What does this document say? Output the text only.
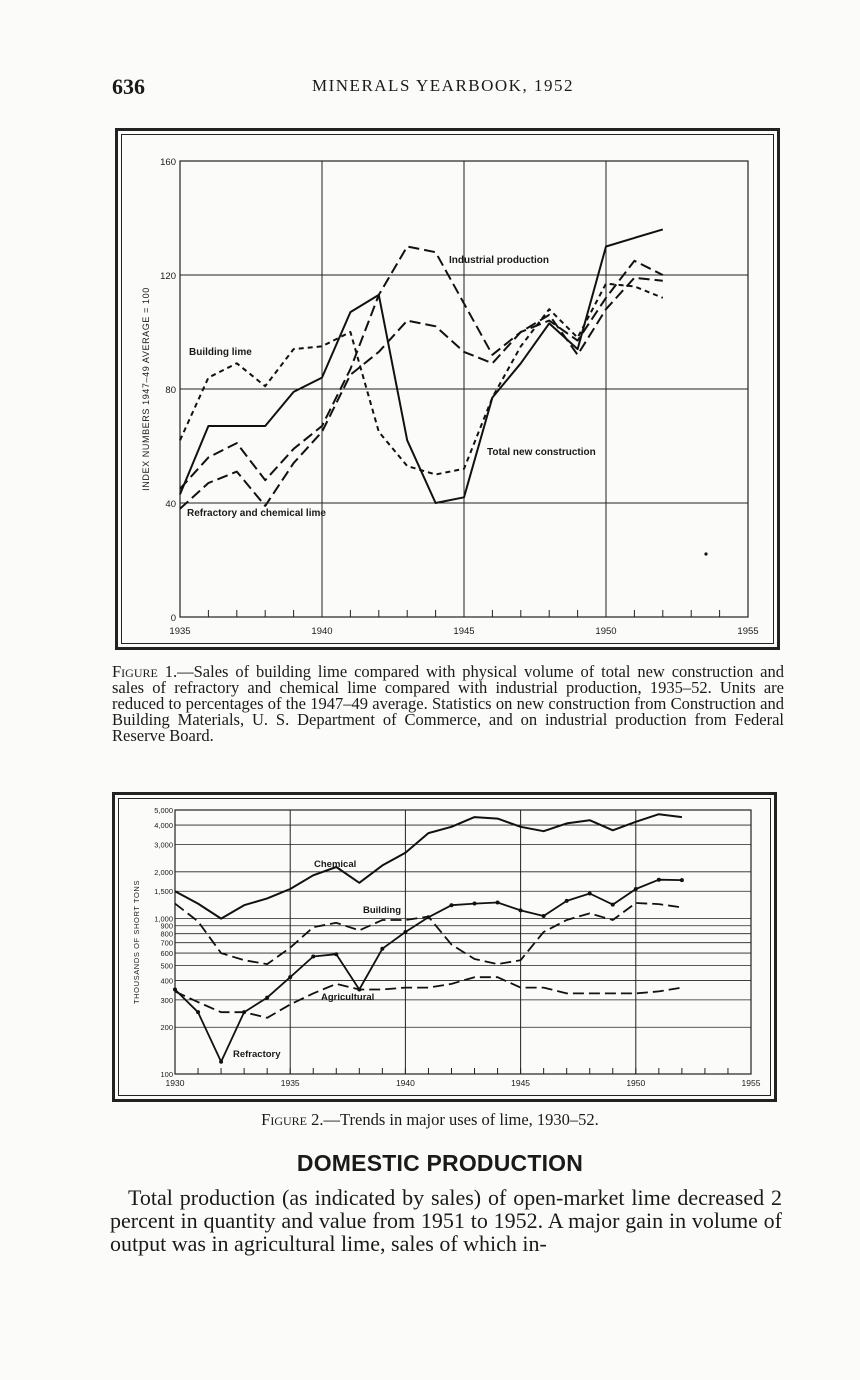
636	MINERALS YEARBOOK, 1952
1935	1940	1945	1950	1955
0
40
80
120
160
INDEX NUMBERS 1947–49 AVERAGE = 100
Industrial production
Building lime
Total new construction
Refractory and chemical lime
Figure 1.—Sales of building lime compared with physical volume of total new construction and sales of refractory and chemical lime compared with industrial production, 1935–52. Units are reduced to percentages of the 1947–49 average. Statistics on new construction from Construction and Building Materials, U. S. Department of Commerce, and on industrial production from Federal Reserve Board.
1930	1935	1940	1945	1950	1955
100
200
300
400
500
600
700
800
900
1,000
1,500
2,000
3,000
4,000
5,000
THOUSANDS OF SHORT TONS
Chemical
Building
Agricultural
Refractory
Figure 2.—Trends in major uses of lime, 1930–52.
DOMESTIC PRODUCTION
Total production (as indicated by sales) of open-market lime decreased 2 percent in quantity and value from 1951 to 1952. A major gain in volume of output was in agricultural lime, sales of which in-
